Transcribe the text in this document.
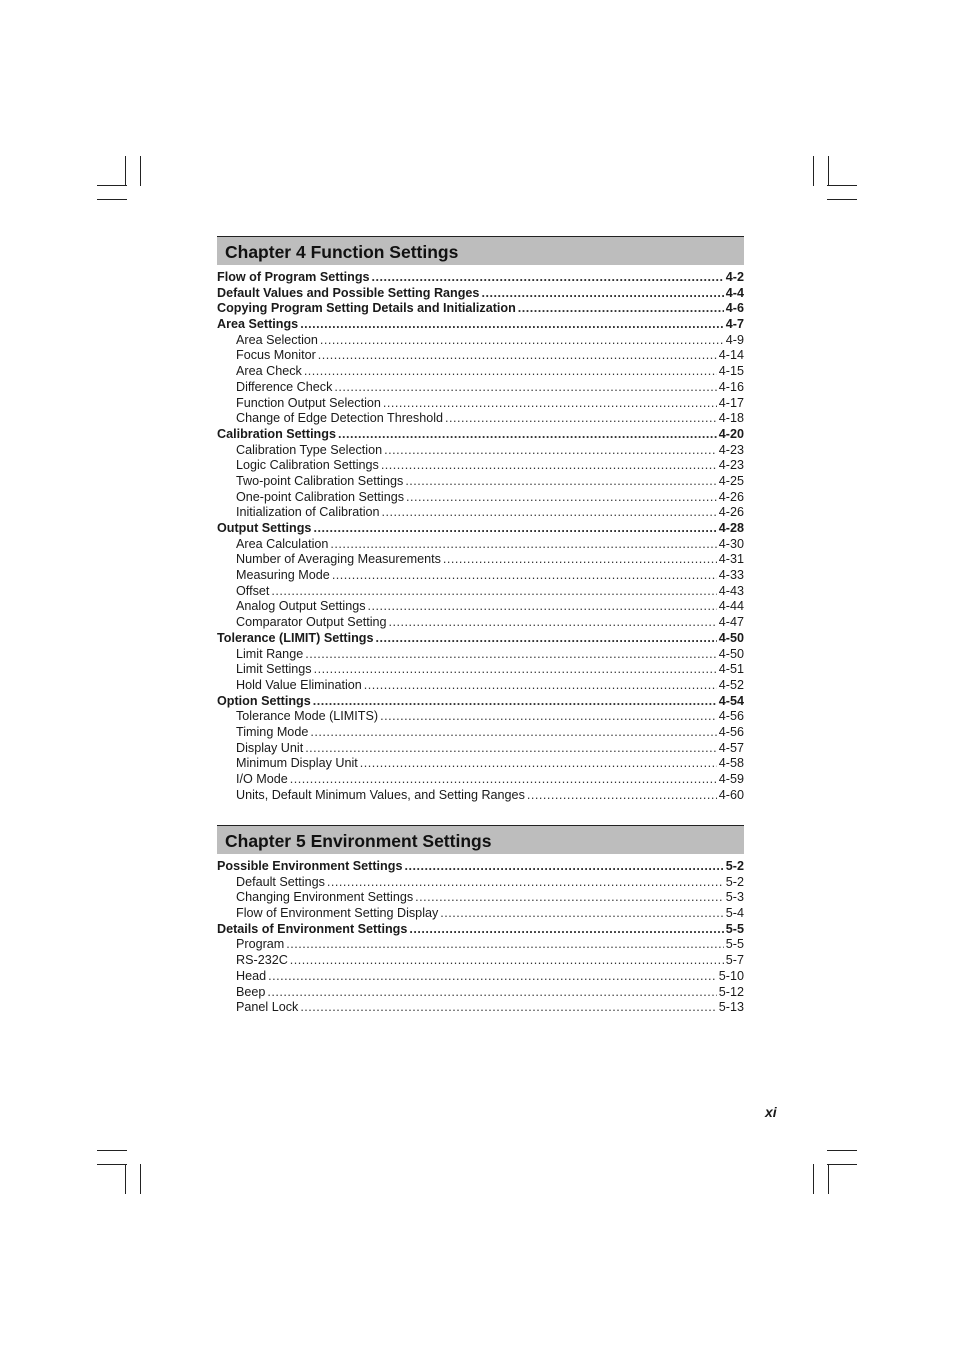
Chapter 4 Function Settings
Flow of Program Settings .....	4-2
Default Values and Possible Setting Ranges .....	4-4
Copying Program Setting Details and Initialization .....	4-6
Area Settings .....	4-7
Area Selection .....	4-9
Focus Monitor .....	4-14
Area Check .....	4-15
Difference Check .....	4-16
Function Output Selection .....	4-17
Change of Edge Detection Threshold .....	4-18
Calibration Settings .....	4-20
Calibration Type Selection .....	4-23
Logic Calibration Settings .....	4-23
Two-point Calibration Settings .....	4-25
One-point Calibration Settings .....	4-26
Initialization of Calibration .....	4-26
Output Settings .....	4-28
Area Calculation .....	4-30
Number of Averaging Measurements .....	4-31
Measuring Mode .....	4-33
Offset .....	4-43
Analog Output Settings .....	4-44
Comparator Output Setting .....	4-47
Tolerance (LIMIT) Settings .....	4-50
Limit Range .....	4-50
Limit Settings .....	4-51
Hold Value Elimination .....	4-52
Option Settings .....	4-54
Tolerance Mode (LIMITS) .....	4-56
Timing Mode .....	4-56
Display Unit .....	4-57
Minimum Display Unit .....	4-58
I/O Mode .....	4-59
Units, Default Minimum Values, and Setting Ranges .....	4-60
Chapter 5 Environment Settings
Possible Environment Settings .....	5-2
Default Settings .....	5-2
Changing Environment Settings .....	5-3
Flow of Environment Setting Display .....	5-4
Details of Environment Settings .....	5-5
Program .....	5-5
RS-232C .....	5-7
Head .....	5-10
Beep .....	5-12
Panel Lock .....	5-13
xi
